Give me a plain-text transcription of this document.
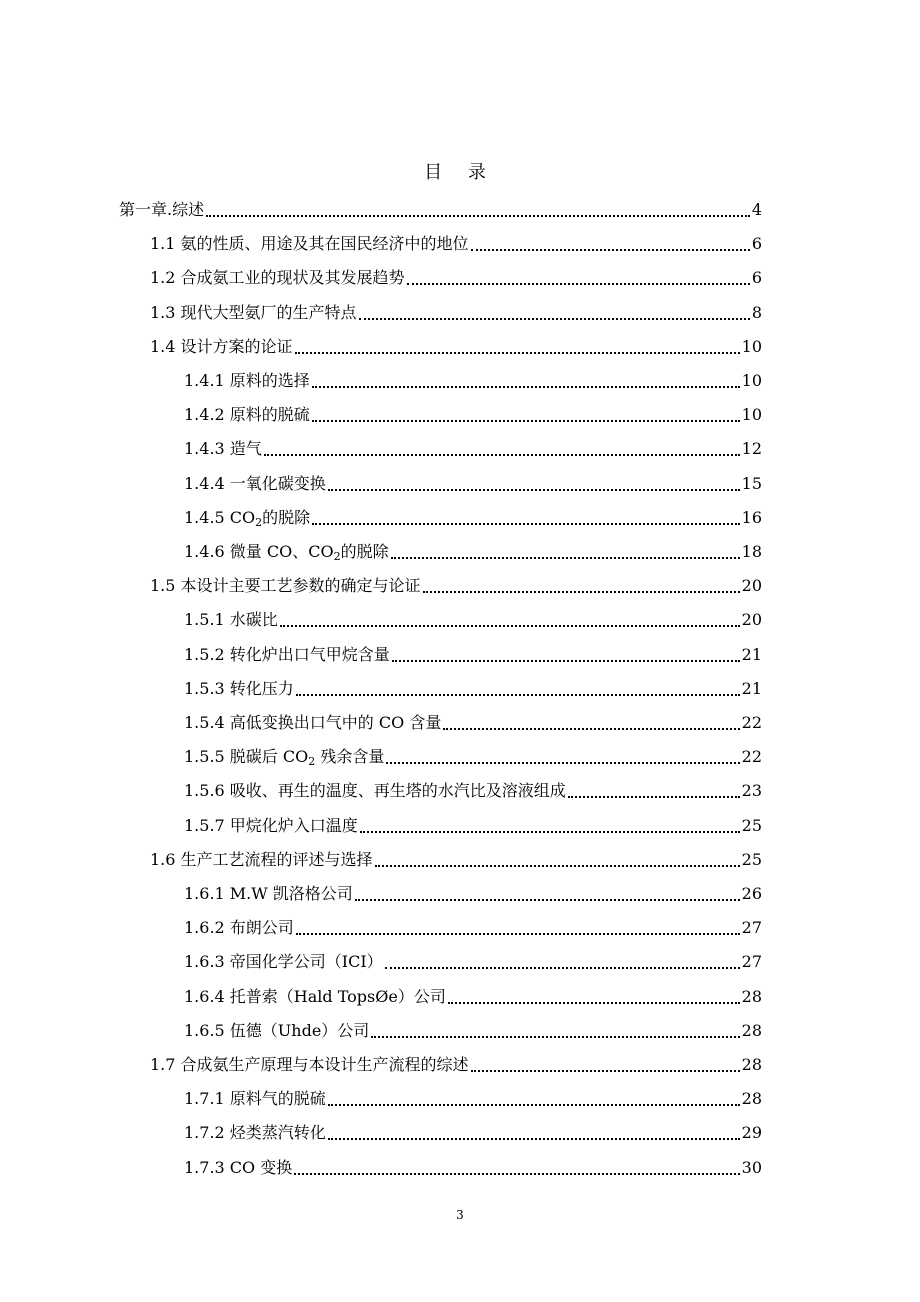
目 录
第一章.综述	4
1.1 氨的性质、用途及其在国民经济中的地位	6
1.2 合成氨工业的现状及其发展趋势	6
1.3 现代大型氨厂的生产特点	8
1.4 设计方案的论证	10
1.4.1 原料的选择	10
1.4.2 原料的脱硫	10
1.4.3 造气	12
1.4.4 一氧化碳变换	15
1.4.5 $CO_2$的脱除	16
1.4.6 微量 CO、$CO_2$的脱除	18
1.5 本设计主要工艺参数的确定与论证	20
1.5.1 水碳比	20
1.5.2 转化炉出口气甲烷含量	21
1.5.3 转化压力	21
1.5.4 高低变换出口气中的 CO 含量	22
1.5.5 脱碳后 $CO_2$ 残余含量	22
1.5.6 吸收、再生的温度、再生塔的水汽比及溶液组成	23
1.5.7 甲烷化炉入口温度	25
1.6 生产工艺流程的评述与选择	25
1.6.1 M.W 凯洛格公司	26
1.6.2 布朗公司	27
1.6.3 帝国化学公司（ICI）	27
1.6.4 托普索（Hald TopsØe）公司	28
1.6.5 伍德（Uhde）公司	28
1.7 合成氨生产原理与本设计生产流程的综述	28
1.7.1 原料气的脱硫	28
1.7.2 烃类蒸汽转化	29
1.7.3 CO 变换	30
3
